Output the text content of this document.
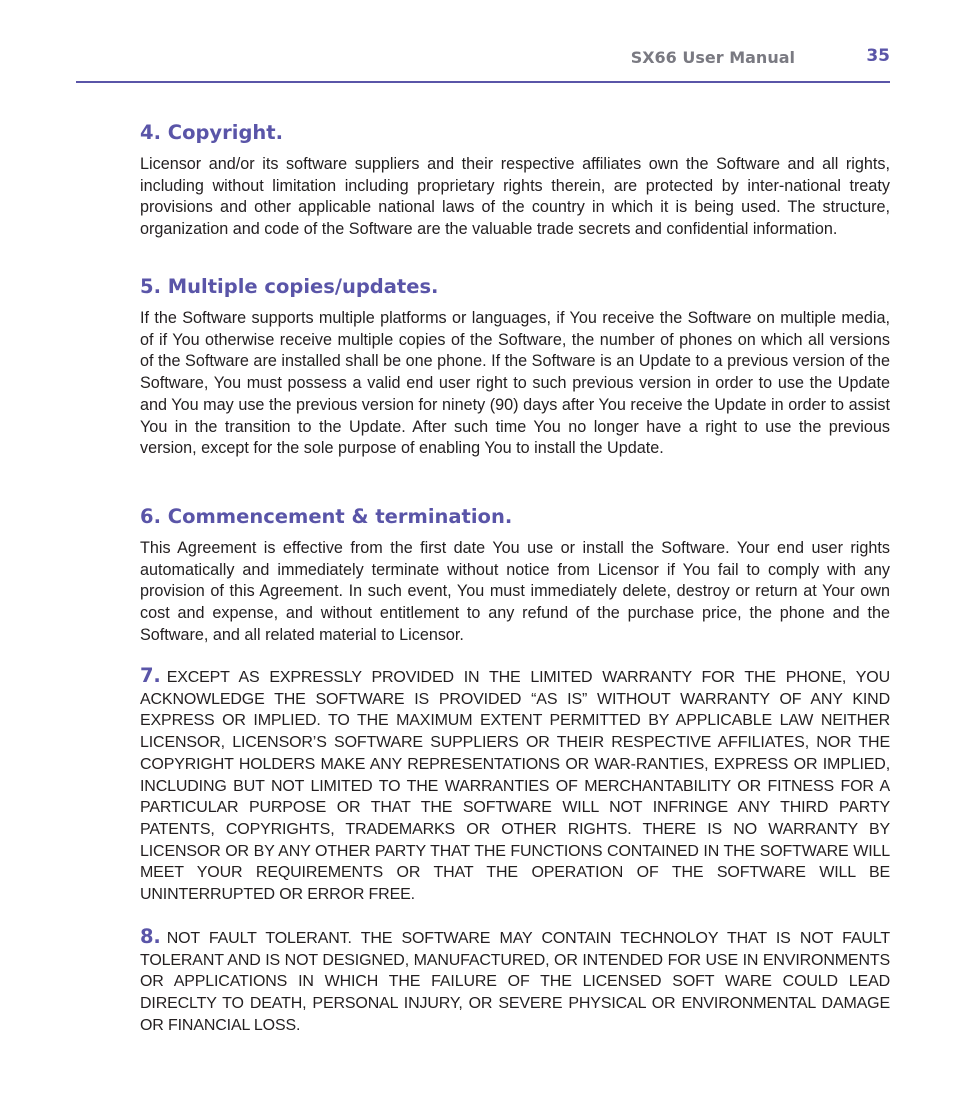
SX66 User Manual	35
4. Copyright.

Licensor and/or its software suppliers and their respective affiliates own the Software and all rights, including without limitation including proprietary rights therein, are protected by inter-national treaty provisions and other applicable national laws of the country in which it is being used. The structure, organization and code of the Software are the valuable trade secrets and confidential information.

5. Multiple copies/updates.

If the Software supports multiple platforms or languages, if You receive the Software on multiple media, of if You otherwise receive multiple copies of the Software, the number of phones on which all versions of the Software are installed shall be one phone. If the Software is an Update to a previous version of the Software, You must possess a valid end user right to such previous version in order to use the Update and You may use the previous version for ninety (90) days after You receive the Update in order to assist You in the transition to the Update. After such time You no longer have a right to use the previous version, except for the sole purpose of enabling You to install the Update.

6. Commencement & termination.

This Agreement is effective from the first date You use or install the Software. Your end user rights automatically and immediately terminate without notice from Licensor if You fail to comply with any provision of this Agreement. In such event, You must immediately delete, destroy or return at Your own cost and expense, and without entitlement to any refund of the purchase price, the phone and the Software, and all related material to Licensor.

7. EXCEPT AS EXPRESSLY PROVIDED IN THE LIMITED WARRANTY FOR THE PHONE, YOU ACKNOWLEDGE THE SOFTWARE IS PROVIDED “AS IS” WITHOUT WARRANTY OF ANY KIND EXPRESS OR IMPLIED. TO THE MAXIMUM EXTENT PERMITTED BY APPLICABLE LAW NEITHER LICENSOR, LICENSOR’S SOFTWARE SUPPLIERS OR THEIR RESPECTIVE AFFILIATES, NOR THE COPYRIGHT HOLDERS MAKE ANY REPRESENTATIONS OR WAR-RANTIES, EXPRESS OR IMPLIED, INCLUDING BUT NOT LIMITED TO THE WARRANTIES OF MERCHANTABILITY OR FITNESS FOR A PARTICULAR PURPOSE OR THAT THE SOFTWARE WILL NOT INFRINGE ANY THIRD PARTY PATENTS, COPYRIGHTS, TRADEMARKS OR OTHER RIGHTS. THERE IS NO WARRANTY BY LICENSOR OR BY ANY OTHER PARTY THAT THE FUNCTIONS CONTAINED IN THE SOFTWARE WILL MEET YOUR REQUIREMENTS OR THAT THE OPERATION OF THE SOFTWARE WILL BE UNINTERRUPTED OR ERROR FREE.

8. NOT FAULT TOLERANT. THE SOFTWARE MAY CONTAIN TECHNOLOY THAT IS NOT FAULT TOLERANT AND IS NOT DESIGNED, MANUFACTURED, OR INTENDED FOR USE IN ENVIRONMENTS OR APPLICATIONS IN WHICH THE FAILURE OF THE LICENSED SOFT WARE COULD LEAD DIRECLTY TO DEATH, PERSONAL INJURY, OR SEVERE PHYSICAL OR ENVIRONMENTAL DAMAGE OR FINANCIAL LOSS.
